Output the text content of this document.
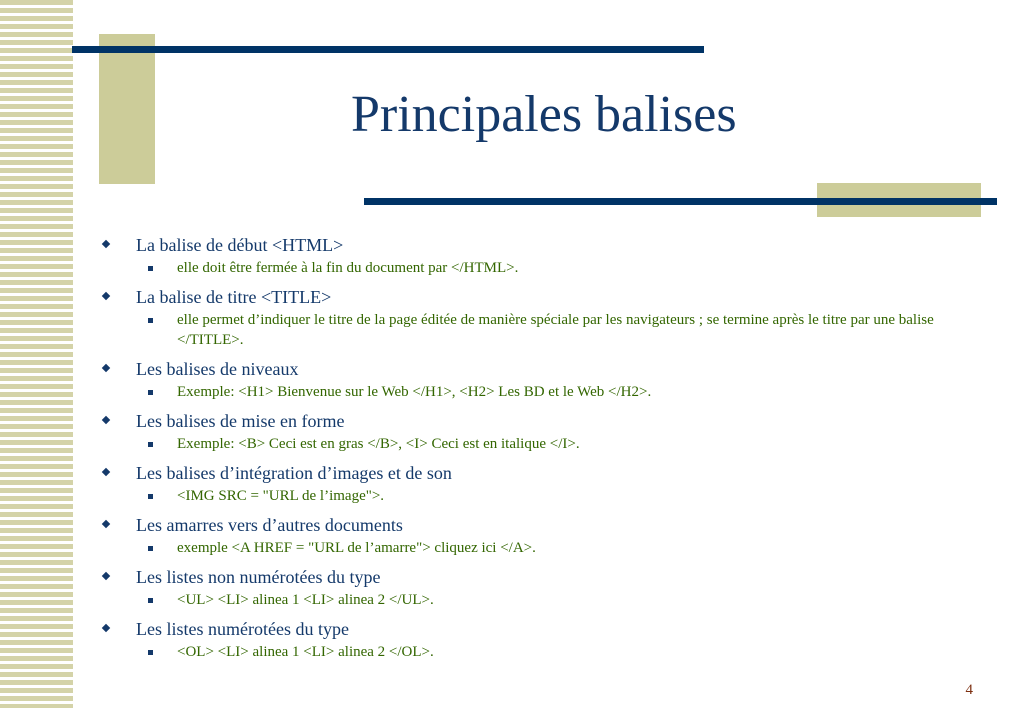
Principales balises
La balise de début <HTML>
elle doit être fermée à la fin du document par </HTML>.
La balise de titre <TITLE>
elle permet d’indiquer le titre de la page éditée de manière spéciale par les navigateurs ; se termine après le titre par une balise </TITLE>.
Les balises de niveaux
Exemple: <H1> Bienvenue sur le Web </H1>, <H2> Les BD et le Web </H2>.
Les balises de mise en forme
Exemple: <B> Ceci est en gras </B>, <I> Ceci est en italique </I>.
Les balises d’intégration d’images et de son
<IMG SRC = "URL de l’image">.
Les amarres vers d’autres documents
exemple <A HREF = "URL de l’amarre"> cliquez ici </A>.
Les listes non numérotées du type
<UL> <LI> alinea 1 <LI> alinea 2 </UL>.
Les listes numérotées du type
<OL> <LI> alinea 1 <LI> alinea 2 </OL>.
4
